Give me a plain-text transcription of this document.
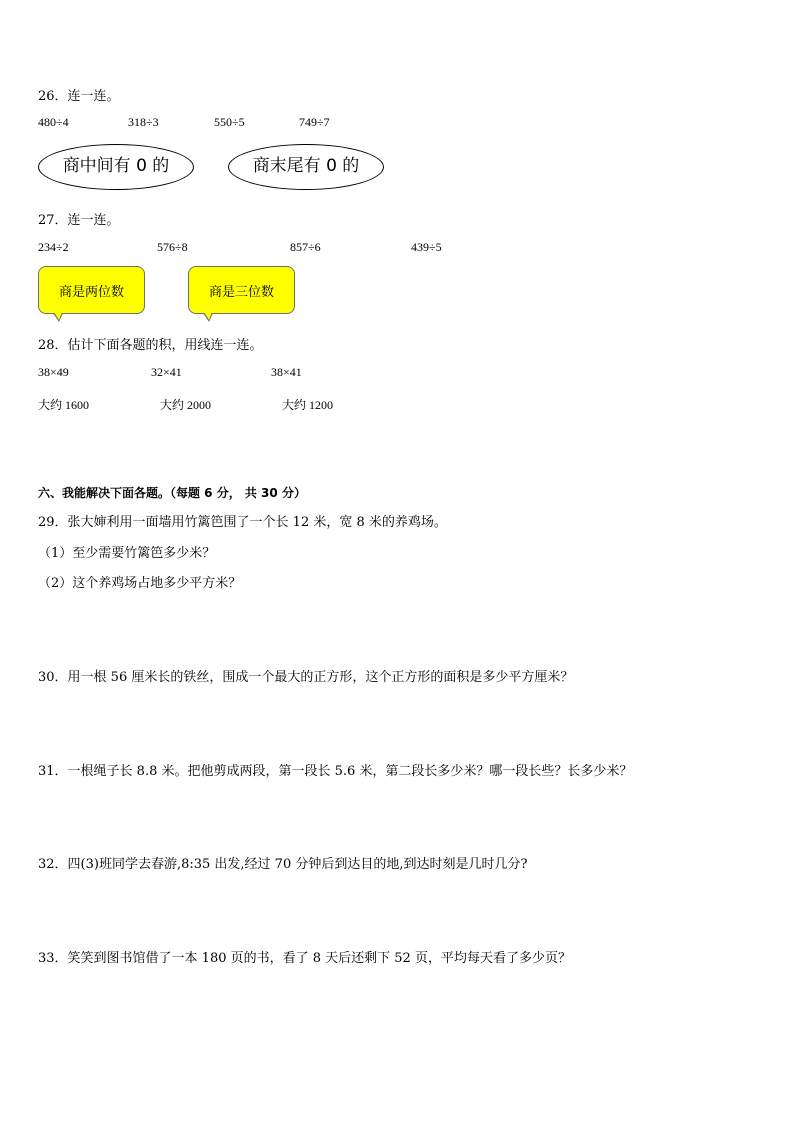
26．连一连。
480÷4	318÷3	550÷5	749÷7
商中间有 0 的	商末尾有 0 的
27．连一连。
234÷2	576÷8	857÷6	439÷5
商是两位数	商是三位数
28．估计下面各题的积，用线连一连。
38×49	32×41	38×41
大约 1600	大约 2000	大约 1200
六、我能解决下面各题。（每题 6 分， 共 30 分）
29．张大婶利用一面墙用竹篱笆围了一个长 12 米，宽 8 米的养鸡场。
（1）至少需要竹篱笆多少米？
（2）这个养鸡场占地多少平方米？
30．用一根 56 厘米长的铁丝，围成一个最大的正方形，这个正方形的面积是多少平方厘米？
31．一根绳子长 8.8 米。把他剪成两段，第一段长 5.6 米，第二段长多少米？哪一段长些？长多少米？
32．四(3)班同学去春游,8:35 出发,经过 70 分钟后到达目的地,到达时刻是几时几分?
33．笑笑到图书馆借了一本 180 页的书，看了 8 天后还剩下 52 页，平均每天看了多少页？
